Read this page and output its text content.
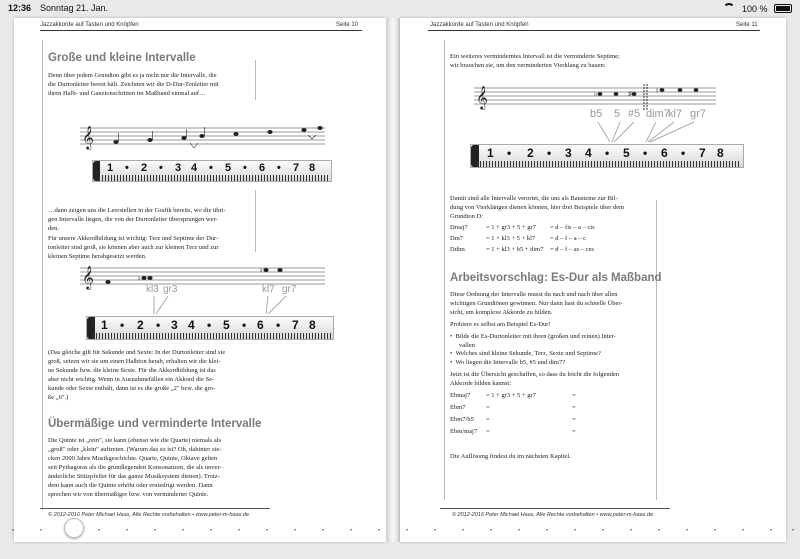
12:36 Sonntag 21. Jan.	100 %
Jazzakkorde auf Tasten und Knöpfen	Seite 10
Große und kleine Intervalle
Denn über jedem Grundton gibt es ja nicht nur die Intervalle, die
die Durtonleiter bereit hält. Zeichnen wir die D-Dur-Tonleiter mit
ihren Halb- und Ganztonschritten im Maßband einmal auf…
𝄞
1 • 2 • 3 4 • 5 • 6 • 7 8
…dann zeigen uns die Leerstellen in der Grafik bereits, wo die übri-
gen Intervalle liegen, die von der Durtonleiter übersprungen wer-
den.
Für unsere Akkordbildung ist wichtig: Terz und Septime der Dur-
tonleiter sind groß, sie können aber auch zur kleinen Terz und zur
kleinen Septime herabgesetzt werden.
𝄞	♮
♮
kl3 gr3	kl7 gr7
1 • 2 • 3 4 • 5 • 6 • 7 8
(Das gleiche gilt für Sekunde und Sexte: In der Durtonleiter sind sie
groß, setzen wir sie um einen Halbton herab, erhalten wir die klei-
ne Sekunde bzw. die kleine Sexte. Für die Akkordbildung ist das
aber nicht wichtig. Wenn in Ausnahmefällen ein Akkord die Se-
kunde oder Sexte enthält, dann ist es die große „2" bzw. die gro-
ße „6".)
Übermäßige und verminderte Intervalle
Die Quinte ist „rein", sie kann (ebenso wie die Quarte) niemals als
„groß" oder „klein" auftreten. (Warum das so ist? Oh, dahinter ste-
cken 2000 Jahre Musikgeschichte. Quarte, Quinte, Oktave gelten
seit Pythagoras als die grundlegenden Konsonanzen, die als unver-
änderliche Stützpfeiler für das ganze Musiksystem dienen). Trotz-
dem kann auch die Quinte erhöht oder erniedrigt werden. Dann
sprechen wir von übermäßiger bzw. von verminderter Quinte.
© 2012-2016 Peter Michael Haas, Alle Rechte vorbehalten • www.peter-m-haas.de
Jazzakkorde auf Tasten und Knöpfen	Seite 11
Ein weiteres verminderntes Intervall ist die verminderte Septime;
wir brauchen sie, um den verminderten Vierklang zu bauen:
𝄞	♭	♯	♮
b5 5 #5 dim7
kl7 gr7
1 • 2 • 3 4 • 5 • 6 • 7 8
Damit sind alle Intervalle verortet, die uns als Bausteine zur Bil-
dung von Vierklängen dienen können, hier drei Beispiele über dem
Grundton D:
Dmaj7	= 1 + gr3 + 5 + gr7	= d – fis – a – cis
Dm7	= 1 + kl3 + 5 + kl7	= d – f – a – c
Ddim	= 1 + kl3 + b5 + dim7	= d – f – as – ces
Arbeitsvorschlag: Es-Dur als Maßband
Diese Ordnung der Intervalle musst du nach und nach über allen
wichtigen Grundtönen gewinnen. Nur dann hast du schnelle Über-
sicht, um komplexe Akkorde zu bilden.
Probiere es selbst am Beispiel Es-Dur!
•  Bilde die Es-Durtonleiter mit ihren (großen und reinen) Inter-
vallen
•  Welches sind kleine Sekunde, Terz, Sexte und Septime?
•  Wo liegen die Intervalle b5, #5 und dim7?
Jetzt ist die Übersicht geschaffen, so dass du leicht die folgenden
Akkorde bilden kannst:
Ebmaj7 = 1 + gr3 + 5 + gr7	=
Ebm7	=	=
Ebm7/b5 =	=
Ebm/maj7 =	=
Die Auflösung findest du im nächsten Kapitel.
© 2012-2016 Peter Michael Haas, Alle Rechte vorbehalten • www.peter-m-haas.de
•	•	•	•	•	•	•	•	•	•	•	•	•	•	•	•	•	•	•	•	•	•	•	•	•	•	•	•
